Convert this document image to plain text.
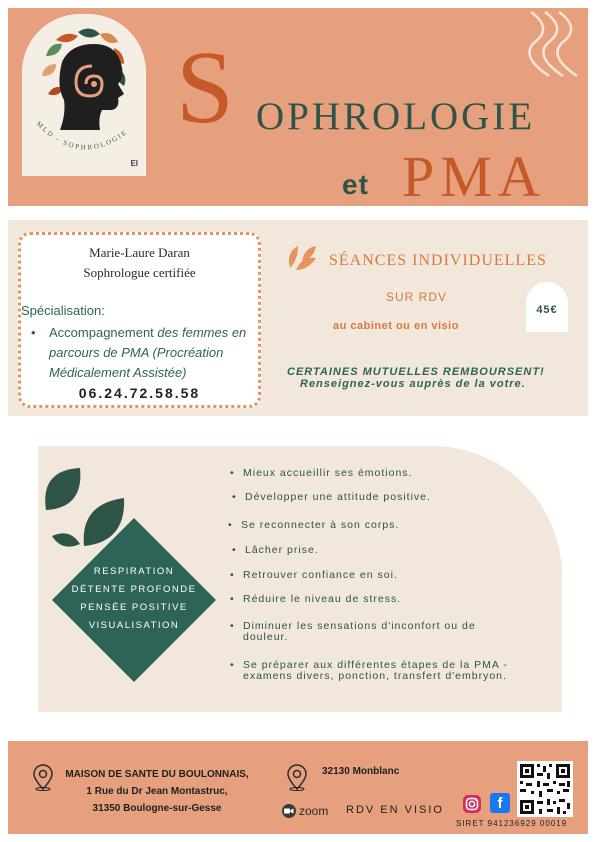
MLD - SOPHROLOGIE
EI
S OPHROLOGIE
et PMA
Marie-Laure Daran
Sophrologue certifiée
Spécialisation:
•	Accompagnement des femmes en parcours de PMA (Procréation Médicalement Assistée)
06.24.72.58.58
SÉANCES INDIVIDUELLES
SUR RDV
au cabinet ou en visio
45€
CERTAINES MUTUELLES REMBOURSENT!
Renseignez-vous auprès de la votre.
RESPIRATION
DÉTENTE PROFONDE
PENSÉE POSITIVE
VISUALISATION
• Mieux accueillir ses émotions.
• Développer une attitude positive.
• Se reconnecter à son corps.
• Lâcher prise.
• Retrouver confiance en soi.
• Réduire le niveau de stress.
• Diminuer les sensations d'inconfort ou de douleur.
• Se préparer aux différentes étapes de la PMA - examens divers, ponction, transfert d'embryon.
MAISON DE SANTE DU BOULONNAIS,
1 Rue du Dr Jean Montastruc,
31350 Boulogne-sur-Gesse
32130 Monblanc
zoom RDV EN VISIO	f
SIRET 941236929 00019
